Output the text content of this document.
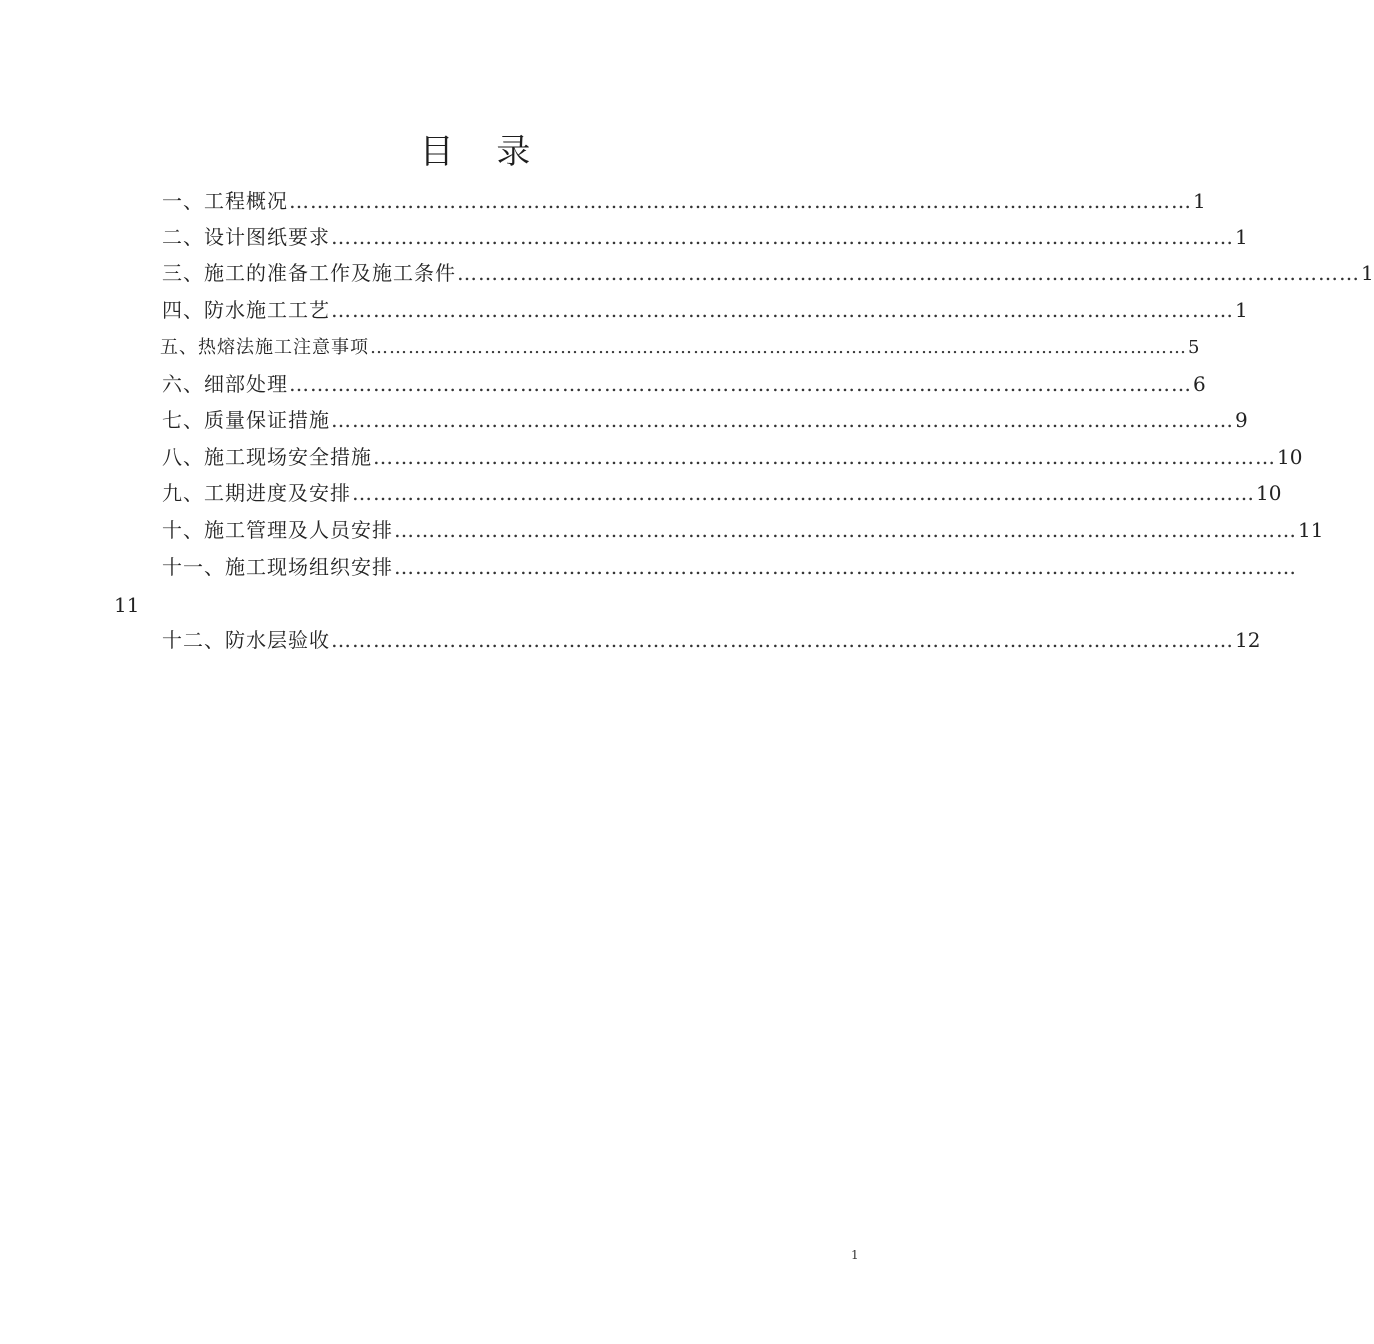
目 录
一、工程概况 ………………………………………………………………………………………………………………… 1
二、设计图纸要求 ………………………………………………………………………………………………………………… 1
三、施工的准备工作及施工条件 ………………………………………………………………………………………………………………… 1
四、防水施工工艺 ………………………………………………………………………………………………………………… 1
五、热熔法施工注意事项 ………………………………………………………………………………………………………………… 5
六、细部处理 ………………………………………………………………………………………………………………… 6
七、质量保证措施 ………………………………………………………………………………………………………………… 9
八、施工现场安全措施 ………………………………………………………………………………………………………………… 10
九、工期进度及安排 ………………………………………………………………………………………………………………… 10
十、施工管理及人员安排 ………………………………………………………………………………………………………………… 11
十一、施工现场组织安排 …………………………………………………………………………………………………………………
11
十二、防水层验收 ………………………………………………………………………………………………………………… 12
1
